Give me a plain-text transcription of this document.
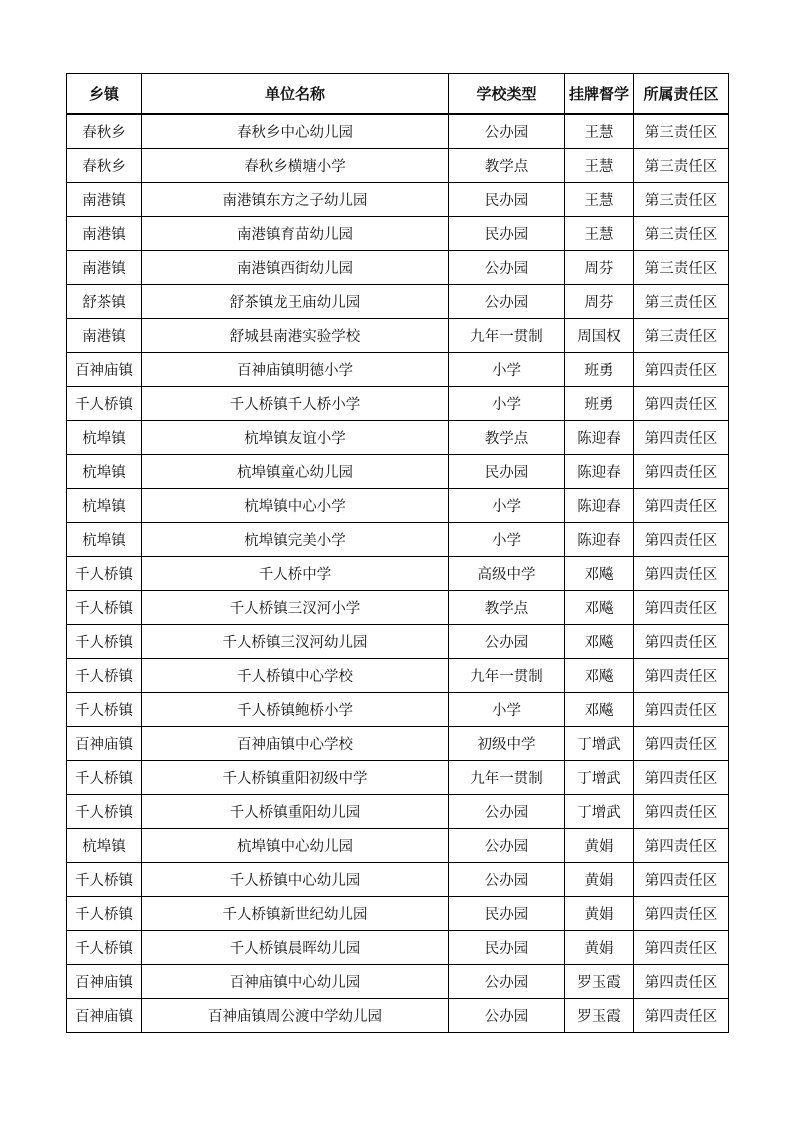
乡镇	单位名称	学校类型	挂牌督学	所属责任区
春秋乡	春秋乡中心幼儿园	公办园	王慧	第三责任区
春秋乡	春秋乡横塘小学	教学点	王慧	第三责任区
南港镇	南港镇东方之子幼儿园	民办园	王慧	第三责任区
南港镇	南港镇育苗幼儿园	民办园	王慧	第三责任区
南港镇	南港镇西街幼儿园	公办园	周芬	第三责任区
舒茶镇	舒茶镇龙王庙幼儿园	公办园	周芬	第三责任区
南港镇	舒城县南港实验学校	九年一贯制	周国权	第三责任区
百神庙镇	百神庙镇明德小学	小学	班勇	第四责任区
千人桥镇	千人桥镇千人桥小学	小学	班勇	第四责任区
杭埠镇	杭埠镇友谊小学	教学点	陈迎春	第四责任区
杭埠镇	杭埠镇童心幼儿园	民办园	陈迎春	第四责任区
杭埠镇	杭埠镇中心小学	小学	陈迎春	第四责任区
杭埠镇	杭埠镇完美小学	小学	陈迎春	第四责任区
千人桥镇	千人桥中学	高级中学	邓飚	第四责任区
千人桥镇	千人桥镇三汊河小学	教学点	邓飚	第四责任区
千人桥镇	千人桥镇三汊河幼儿园	公办园	邓飚	第四责任区
千人桥镇	千人桥镇中心学校	九年一贯制	邓飚	第四责任区
千人桥镇	千人桥镇鲍桥小学	小学	邓飚	第四责任区
百神庙镇	百神庙镇中心学校	初级中学	丁增武	第四责任区
千人桥镇	千人桥镇重阳初级中学	九年一贯制	丁增武	第四责任区
千人桥镇	千人桥镇重阳幼儿园	公办园	丁增武	第四责任区
杭埠镇	杭埠镇中心幼儿园	公办园	黄娟	第四责任区
千人桥镇	千人桥镇中心幼儿园	公办园	黄娟	第四责任区
千人桥镇	千人桥镇新世纪幼儿园	民办园	黄娟	第四责任区
千人桥镇	千人桥镇晨晖幼儿园	民办园	黄娟	第四责任区
百神庙镇	百神庙镇中心幼儿园	公办园	罗玉霞	第四责任区
百神庙镇	百神庙镇周公渡中学幼儿园	公办园	罗玉霞	第四责任区
